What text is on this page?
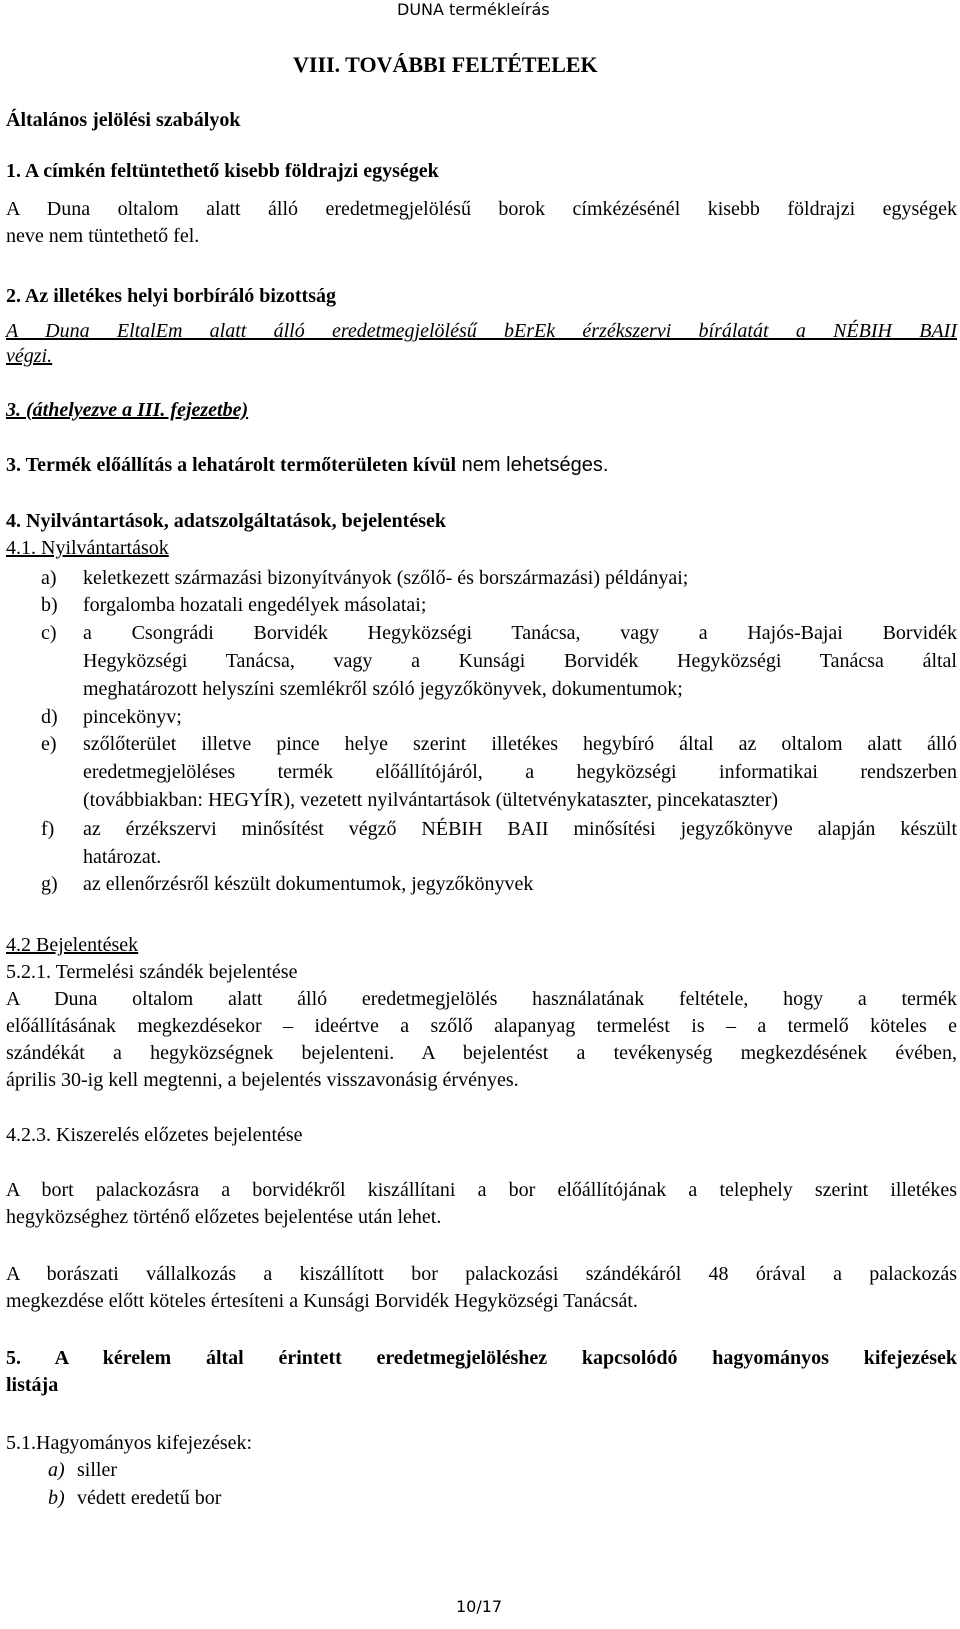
DUNA termékleírás
VIII. TOVÁBBI FELTÉTELEK
Általános jelölési szabályok
1. A címkén feltüntethető kisebb földrajzi egységek
A Duna oltalom alatt álló eredetmegjelölésű borok címkézésénél kisebb földrajzi egységek
neve nem tüntethető fel.
2. Az illetékes helyi borbíráló bizottság
A Duna EltalEm alatt álló eredetmegjelölésű bErEk érzékszervi bírálatát a NÉBIH BAII
végzi.
3. (áthelyezve a III. fejezetbe)
3. Termék előállítás a lehatárolt termőterületen kívül nem lehetséges.
4. Nyilvántartások, adatszolgáltatások, bejelentések
4.1. Nyilvántartások
a) keletkezett származási bizonyítványok (szőlő- és borszármazási) példányai;
b) forgalomba hozatali engedélyek másolatai;
c) a Csongrádi Borvidék Hegyközségi Tanácsa, vagy a Hajós-Bajai Borvidék
Hegyközségi Tanácsa, vagy a Kunsági Borvidék Hegyközségi Tanácsa által
meghatározott helyszíni szemlékről szóló jegyzőkönyvek, dokumentumok;
d) pincekönyv;
e) szőlőterület illetve pince helye szerint illetékes hegybíró által az oltalom alatt álló
eredetmegjelöléses termék előállítójáról, a hegyközségi informatikai rendszerben
(továbbiakban: HEGYÍR), vezetett nyilvántartások (ültetvénykataszter, pincekataszter)
f) az érzékszervi minősítést végző NÉBIH BAII minősítési jegyzőkönyve alapján készült
határozat.
g) az ellenőrzésről készült dokumentumok, jegyzőkönyvek
4.2 Bejelentések
5.2.1. Termelési szándék bejelentése
A Duna oltalom alatt álló eredetmegjelölés használatának feltétele, hogy a termék
előállításának megkezdésekor – ideértve a szőlő alapanyag termelést is – a termelő köteles e
szándékát a hegyközségnek bejelenteni. A bejelentést a tevékenység megkezdésének évében,
április 30-ig kell megtenni, a bejelentés visszavonásig érvényes.
4.2.3. Kiszerelés előzetes bejelentése
A bort palackozásra a borvidékről kiszállítani a bor előállítójának a telephely szerint illetékes
hegyközséghez történő előzetes bejelentése után lehet.
A borászati vállalkozás a kiszállított bor palackozási szándékáról 48 órával a palackozás
megkezdése előtt köteles értesíteni a Kunsági Borvidék Hegyközségi Tanácsát.
5. A kérelem által érintett eredetmegjelöléshez kapcsolódó hagyományos kifejezések
listája
5.1.Hagyományos kifejezések:
a) siller
b) védett eredetű bor
10/17
